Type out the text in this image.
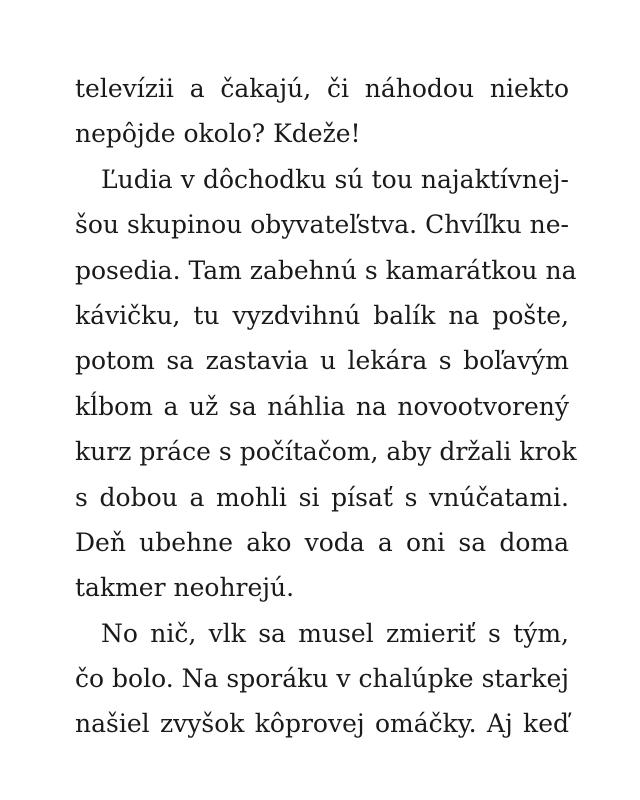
televízii a čakajú, či náhodou niekto
nepôjde okolo? Kdeže!
Ľudia v dôchodku sú tou najaktívnej-
šou skupinou obyvateľstva. Chvíľku ne-
posedia. Tam zabehnú s kamarátkou na
kávičku, tu vyzdvihnú balík na pošte,
potom sa zastavia u lekára s boľavým
kĺbom a už sa náhlia na novootvorený
kurz práce s počítačom, aby držali krok
s dobou a mohli si písať s vnúčatami.
Deň ubehne ako voda a oni sa doma
takmer neohrejú.
No nič, vlk sa musel zmieriť s tým,
čo bolo. Na sporáku v chalúpke starkej
našiel zvyšok kôprovej omáčky. Aj keď
